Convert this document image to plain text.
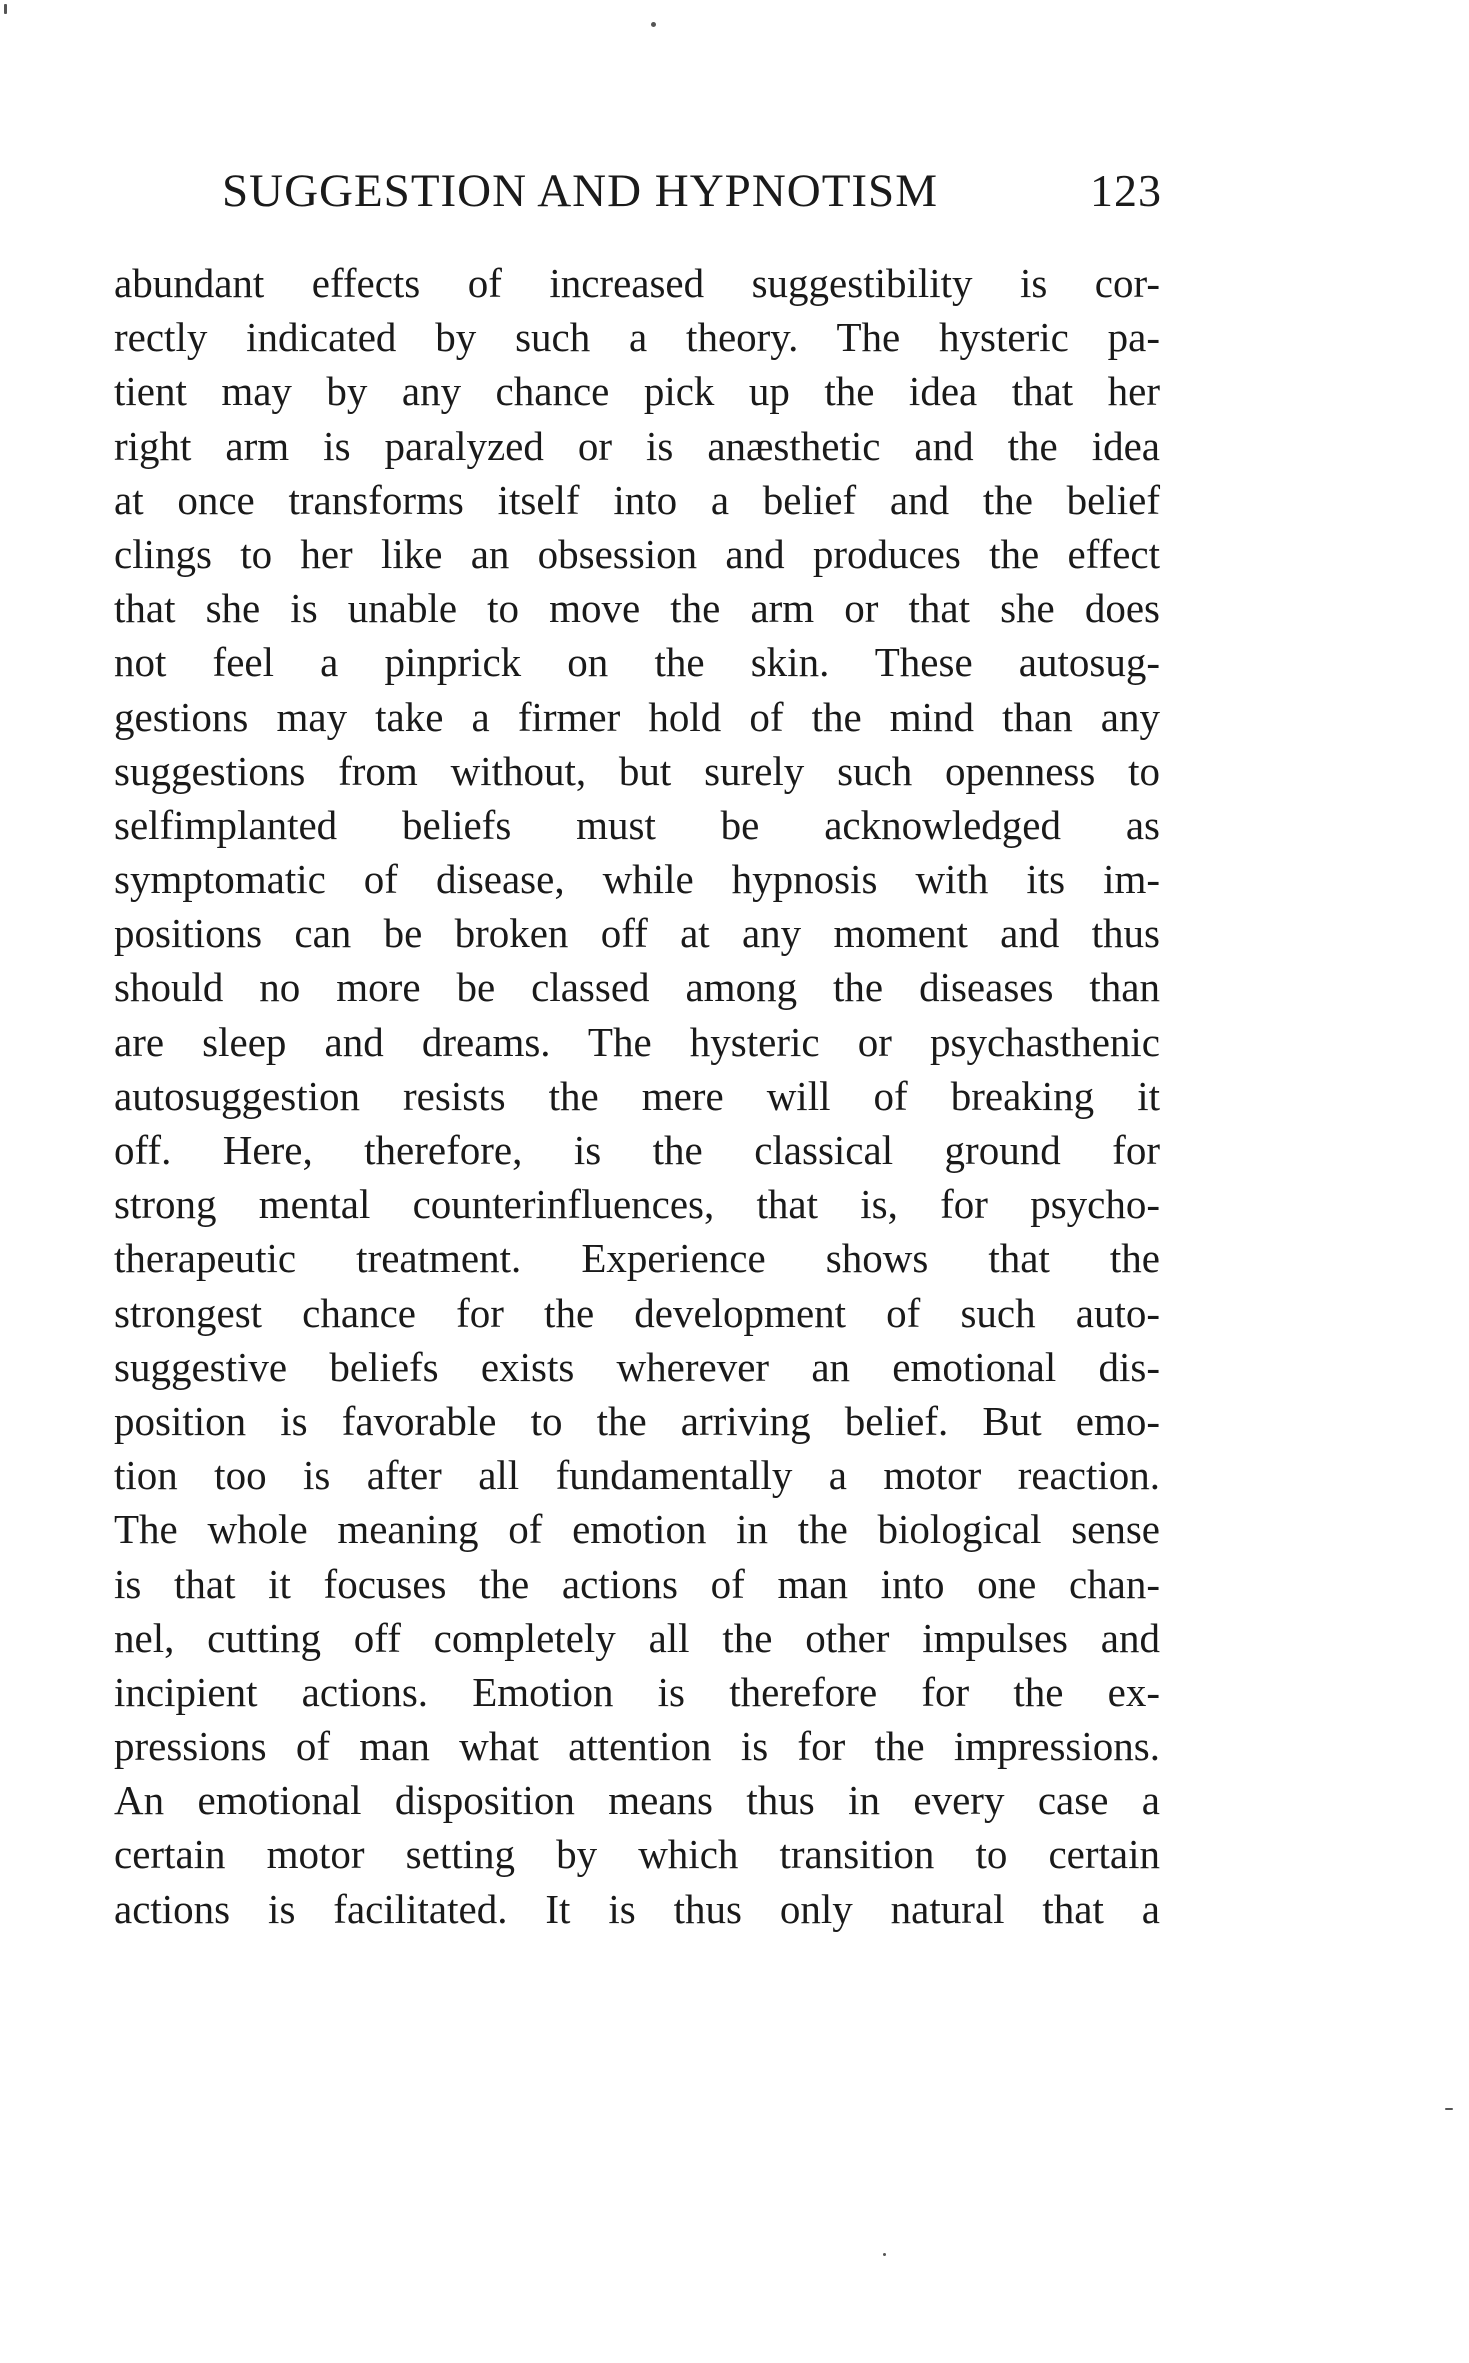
SUGGESTION AND HYPNOTISM	123
abundant effects of increased suggestibility is cor-
rectly indicated by such a theory. The hysteric pa-
tient may by any chance pick up the idea that her
right arm is paralyzed or is anæsthetic and the idea
at once transforms itself into a belief and the belief
clings to her like an obsession and produces the effect
that she is unable to move the arm or that she does
not feel a pinprick on the skin. These autosug-
gestions may take a firmer hold of the mind than any
suggestions from without, but surely such openness to
selfimplanted beliefs must be acknowledged as
symptomatic of disease, while hypnosis with its im-
positions can be broken off at any moment and thus
should no more be classed among the diseases than
are sleep and dreams. The hysteric or psychasthenic
autosuggestion resists the mere will of breaking it
off. Here, therefore, is the classical ground for
strong mental counterinfluences, that is, for psycho-
therapeutic treatment. Experience shows that the
strongest chance for the development of such auto-
suggestive beliefs exists wherever an emotional dis-
position is favorable to the arriving belief. But emo-
tion too is after all fundamentally a motor reaction.
The whole meaning of emotion in the biological sense
is that it focuses the actions of man into one chan-
nel, cutting off completely all the other impulses and
incipient actions. Emotion is therefore for the ex-
pressions of man what attention is for the impressions.
An emotional disposition means thus in every case a
certain motor setting by which transition to certain
actions is facilitated. It is thus only natural that a
